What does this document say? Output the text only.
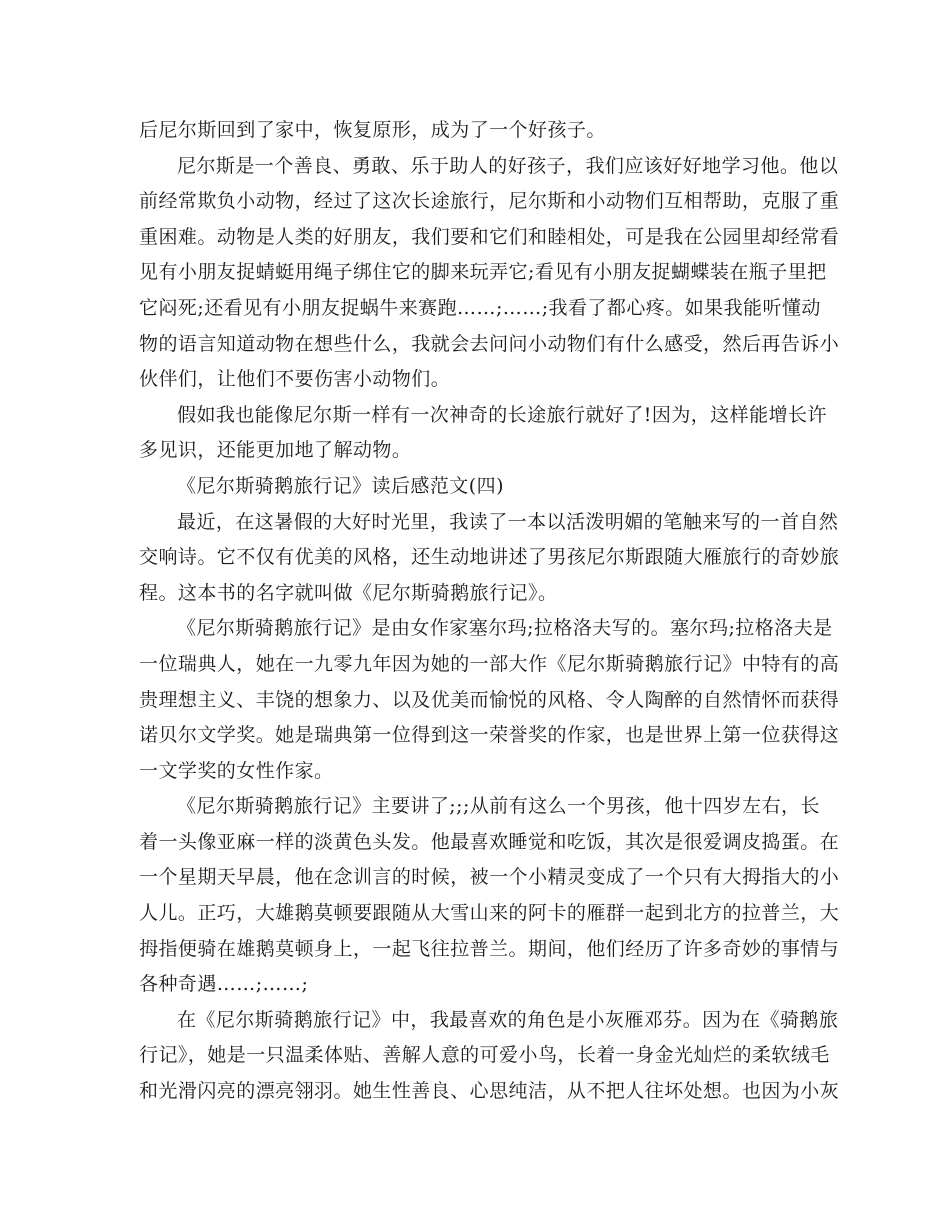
后尼尔斯回到了家中，恢复原形，成为了一个好孩子。
尼尔斯是一个善良、勇敢、乐于助人的好孩子，我们应该好好地学习他。他以
前经常欺负小动物，经过了这次长途旅行，尼尔斯和小动物们互相帮助，克服了重
重困难。动物是人类的好朋友，我们要和它们和睦相处，可是我在公园里却经常看
见有小朋友捉蜻蜓用绳子绑住它的脚来玩弄它;看见有小朋友捉蝴蝶装在瓶子里把
它闷死;还看见有小朋友捉蜗牛来赛跑……;……;我看了都心疼。如果我能听懂动
物的语言知道动物在想些什么，我就会去问问小动物们有什么感受，然后再告诉小
伙伴们，让他们不要伤害小动物们。
假如我也能像尼尔斯一样有一次神奇的长途旅行就好了!因为，这样能增长许
多见识，还能更加地了解动物。
《尼尔斯骑鹅旅行记》读后感范文(四)
最近，在这暑假的大好时光里，我读了一本以活泼明媚的笔触来写的一首自然
交响诗。它不仅有优美的风格，还生动地讲述了男孩尼尔斯跟随大雁旅行的奇妙旅
程。这本书的名字就叫做《尼尔斯骑鹅旅行记》。
《尼尔斯骑鹅旅行记》是由女作家塞尔玛;拉格洛夫写的。塞尔玛;拉格洛夫是
一位瑞典人，她在一九零九年因为她的一部大作《尼尔斯骑鹅旅行记》中特有的高
贵理想主义、丰饶的想象力、以及优美而愉悦的风格、令人陶醉的自然情怀而获得
诺贝尔文学奖。她是瑞典第一位得到这一荣誉奖的作家，也是世界上第一位获得这
一文学奖的女性作家。
《尼尔斯骑鹅旅行记》主要讲了;;;从前有这么一个男孩，他十四岁左右，长
着一头像亚麻一样的淡黄色头发。他最喜欢睡觉和吃饭，其次是很爱调皮捣蛋。在
一个星期天早晨，他在念训言的时候，被一个小精灵变成了一个只有大拇指大的小
人儿。正巧，大雄鹅莫顿要跟随从大雪山来的阿卡的雁群一起到北方的拉普兰，大
拇指便骑在雄鹅莫顿身上，一起飞往拉普兰。期间，他们经历了许多奇妙的事情与
各种奇遇……;……;
在《尼尔斯骑鹅旅行记》中，我最喜欢的角色是小灰雁邓芬。因为在《骑鹅旅
行记》，她是一只温柔体贴、善解人意的可爱小鸟，长着一身金光灿烂的柔软绒毛
和光滑闪亮的漂亮翎羽。她生性善良、心思纯洁，从不把人往坏处想。也因为小灰
